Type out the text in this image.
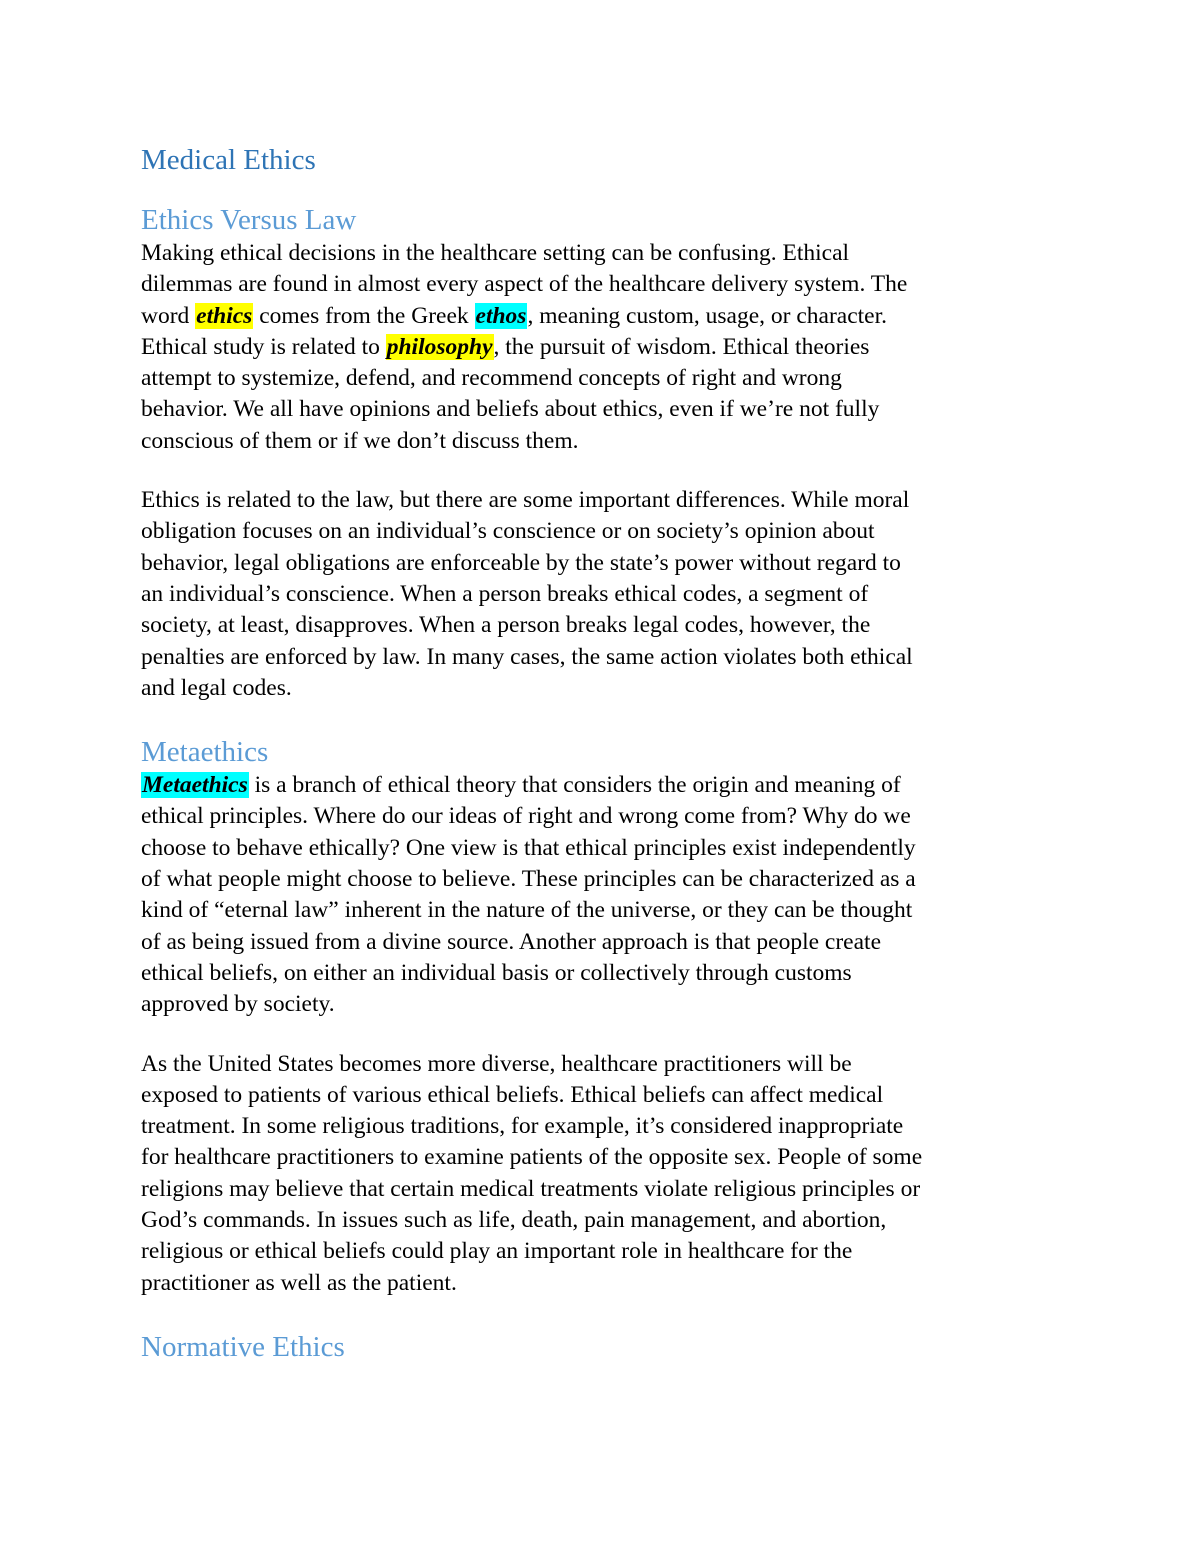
Medical Ethics
Ethics Versus Law
Making ethical decisions in the healthcare setting can be confusing. Ethical
dilemmas are found in almost every aspect of the healthcare delivery system. The
word ethics comes from the Greek ethos, meaning custom, usage, or character.
Ethical study is related to philosophy, the pursuit of wisdom. Ethical theories
attempt to systemize, defend, and recommend concepts of right and wrong
behavior. We all have opinions and beliefs about ethics, even if we’re not fully
conscious of them or if we don’t discuss them.
Ethics is related to the law, but there are some important differences. While moral
obligation focuses on an individual’s conscience or on society’s opinion about
behavior, legal obligations are enforceable by the state’s power without regard to
an individual’s conscience. When a person breaks ethical codes, a segment of
society, at least, disapproves. When a person breaks legal codes, however, the
penalties are enforced by law. In many cases, the same action violates both ethical
and legal codes.
Metaethics
Metaethics is a branch of ethical theory that considers the origin and meaning of
ethical principles. Where do our ideas of right and wrong come from? Why do we
choose to behave ethically? One view is that ethical principles exist independently
of what people might choose to believe. These principles can be characterized as a
kind of “eternal law” inherent in the nature of the universe, or they can be thought
of as being issued from a divine source. Another approach is that people create
ethical beliefs, on either an individual basis or collectively through customs
approved by society.
As the United States becomes more diverse, healthcare practitioners will be
exposed to patients of various ethical beliefs. Ethical beliefs can affect medical
treatment. In some religious traditions, for example, it’s considered inappropriate
for healthcare practitioners to examine patients of the opposite sex. People of some
religions may believe that certain medical treatments violate religious principles or
God’s commands. In issues such as life, death, pain management, and abortion,
religious or ethical beliefs could play an important role in healthcare for the
practitioner as well as the patient.
Normative Ethics
